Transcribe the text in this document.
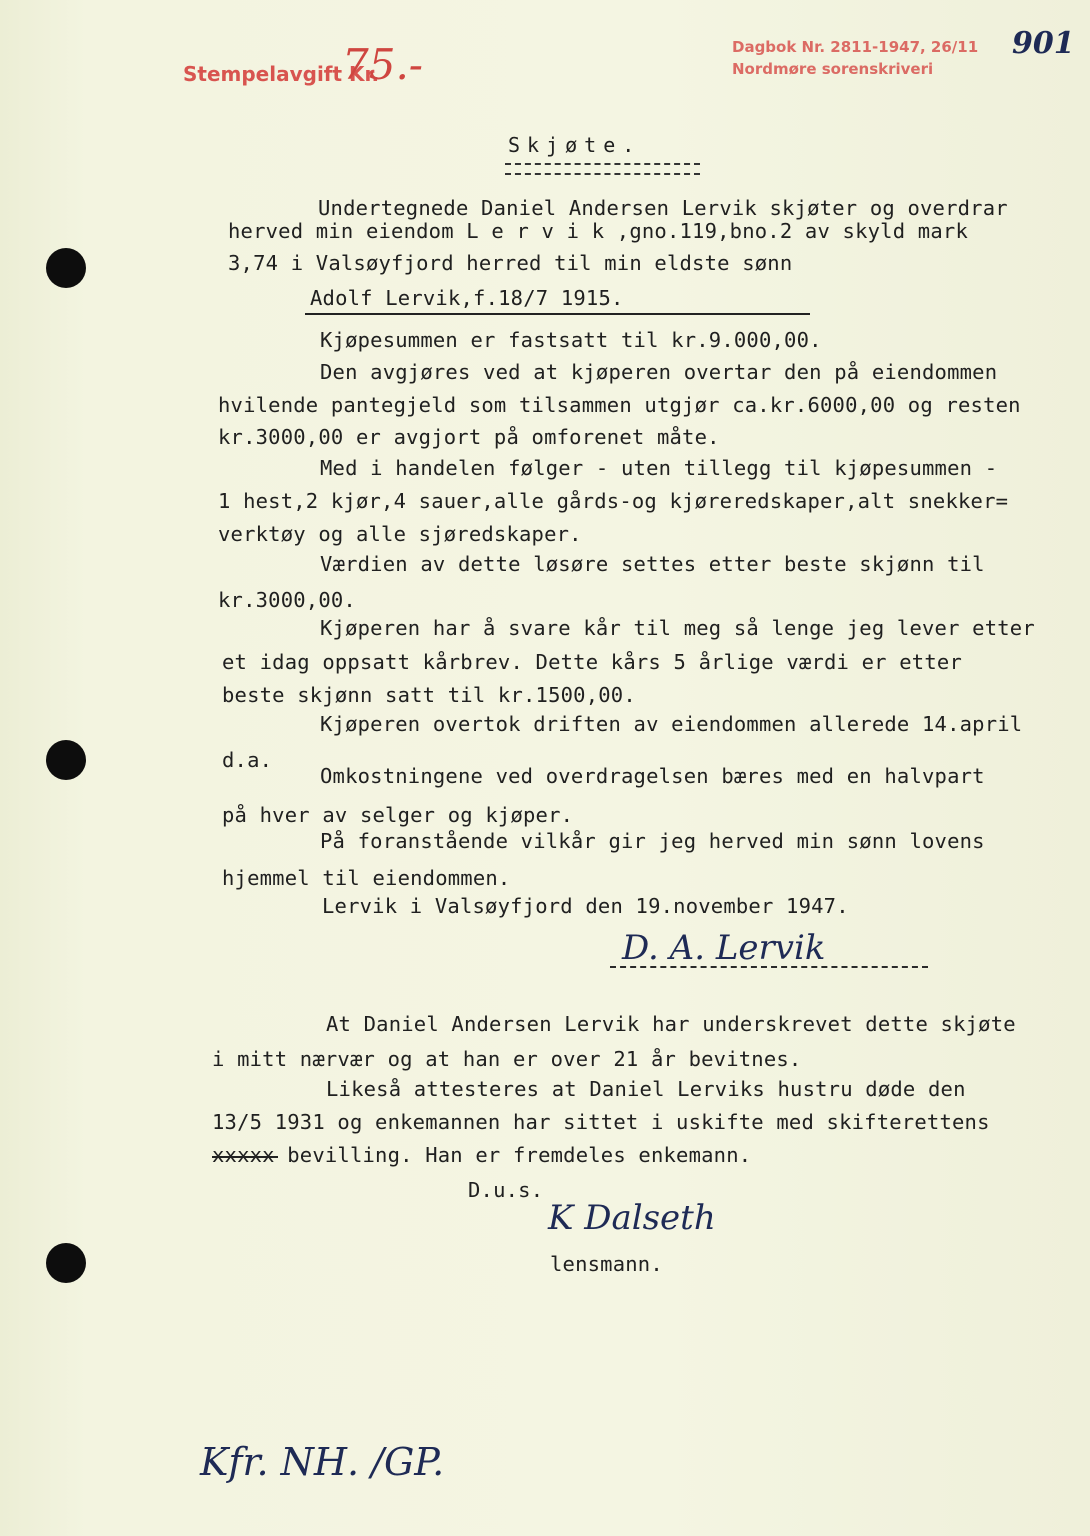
Stempelavgift Kr.
75.-	Dagbok Nr. 2811-1947, 26/11
Nordmøre sorenskriveri
901
Skjøte.
Undertegnede Daniel Andersen Lervik skjøter og overdrar
herved min eiendom L e r v i k ,gno.119,bno.2 av skyld mark
3,74 i Valsøyfjord herred til min eldste sønn
Adolf Lervik,f.18/7 1915.
Kjøpesummen er fastsatt til kr.9.000,00.
Den avgjøres ved at kjøperen overtar den på eiendommen
hvilende pantegjeld som tilsammen utgjør ca.kr.6000,00 og resten
kr.3000,00 er avgjort på omforenet måte.
Med i handelen følger - uten tillegg til kjøpesummen -
1 hest,2 kjør,4 sauer,alle gårds-og kjøreredskaper,alt snekker=
verktøy og alle sjøredskaper.
Værdien av dette løsøre settes etter beste skjønn til
kr.3000,00.
Kjøperen har å svare kår til meg så lenge jeg lever etter
et idag oppsatt kårbrev. Dette kårs 5 årlige værdi er etter
beste skjønn satt til kr.1500,00.
Kjøperen overtok driften av eiendommen allerede 14.april
d.a.
Omkostningene ved overdragelsen bæres med en halvpart
på hver av selger og kjøper.
På foranstående vilkår gir jeg herved min sønn lovens
hjemmel til eiendommen.
Lervik i Valsøyfjord den 19.november 1947.
D. A. Lervik
At Daniel Andersen Lervik har underskrevet dette skjøte
i mitt nærvær og at han er over 21 år bevitnes.
Likeså attesteres at Daniel Lerviks hustru døde den
13/5 1931 og enkemannen har sittet i uskifte med skifterettens
xxxxx bevilling. Han er fremdeles enkemann.
D.u.s.
K Dalseth
lensmann.
Kfr. NH. /GP.
